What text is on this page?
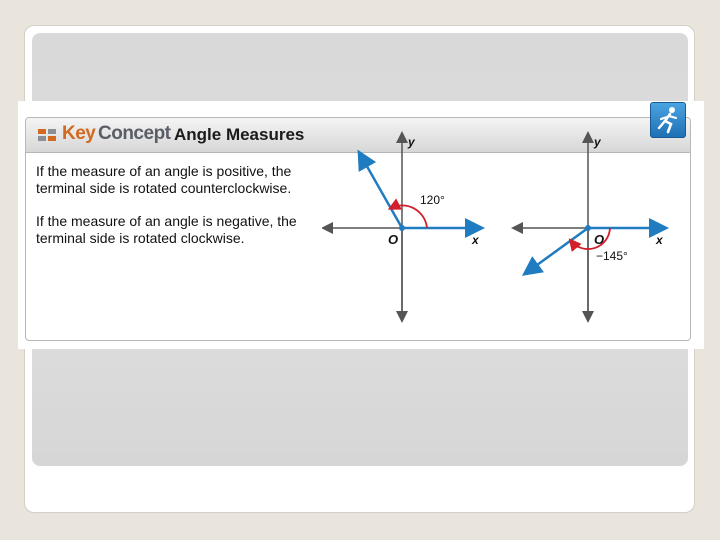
Key Concept Angle Measures
If the measure of an angle is positive, the terminal side is rotated counterclockwise.
If the measure of an angle is negative, the terminal side is rotated clockwise.
120°
O	x
y
−145°
O	x
y
